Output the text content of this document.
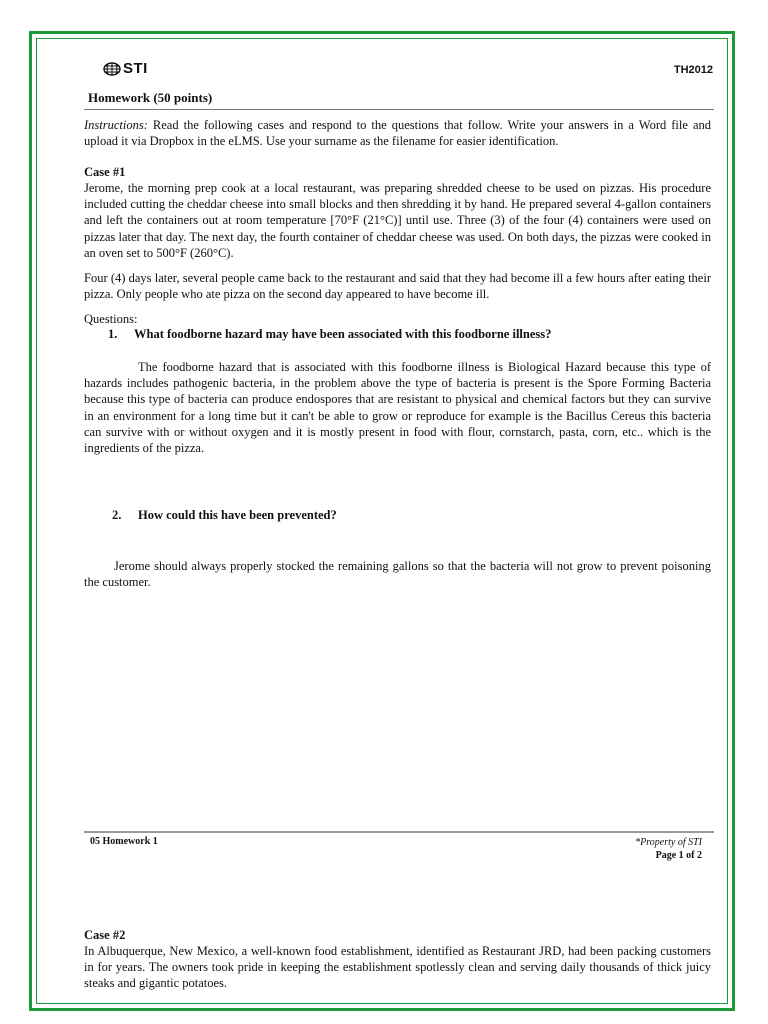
STI	TH2012
Homework (50 points)
Instructions: Read the following cases and respond to the questions that follow. Write your answers in a Word file and upload it via Dropbox in the eLMS. Use your surname as the filename for easier identification.
Case #1
Jerome, the morning prep cook at a local restaurant, was preparing shredded cheese to be used on pizzas. His procedure included cutting the cheddar cheese into small blocks and then shredding it by hand. He prepared several 4-gallon containers and left the containers out at room temperature [70°F (21°C)] until use. Three (3) of the four (4) containers were used on pizzas later that day. The next day, the fourth container of cheddar cheese was used. On both days, the pizzas were cooked in an oven set to 500°F (260°C).
Four (4) days later, several people came back to the restaurant and said that they had become ill a few hours after eating their pizza. Only people who ate pizza on the second day appeared to have become ill.
Questions:
1. What foodborne hazard may have been associated with this foodborne illness?
The foodborne hazard that is associated with this foodborne illness is Biological Hazard because this type of hazards includes pathogenic bacteria, in the problem above the type of bacteria is present is the Spore Forming Bacteria because this type of bacteria can produce endospores that are resistant to physical and chemical factors but they can survive in an environment for a long time but it can't be able to grow or reproduce for example is the Bacillus Cereus this bacteria can survive with or without oxygen and it is mostly present in food with flour, cornstarch, pasta, corn, etc.. which is the ingredients of the pizza.
2. How could this have been prevented?
Jerome should always properly stocked the remaining gallons so that the bacteria will not grow to prevent poisoning the customer.
05 Homework 1	*Property of STI
Page 1 of 2
Case #2
In Albuquerque, New Mexico, a well-known food establishment, identified as Restaurant JRD, had been packing customers in for years. The owners took pride in keeping the establishment spotlessly clean and serving daily thousands of thick juicy steaks and gigantic potatoes.
